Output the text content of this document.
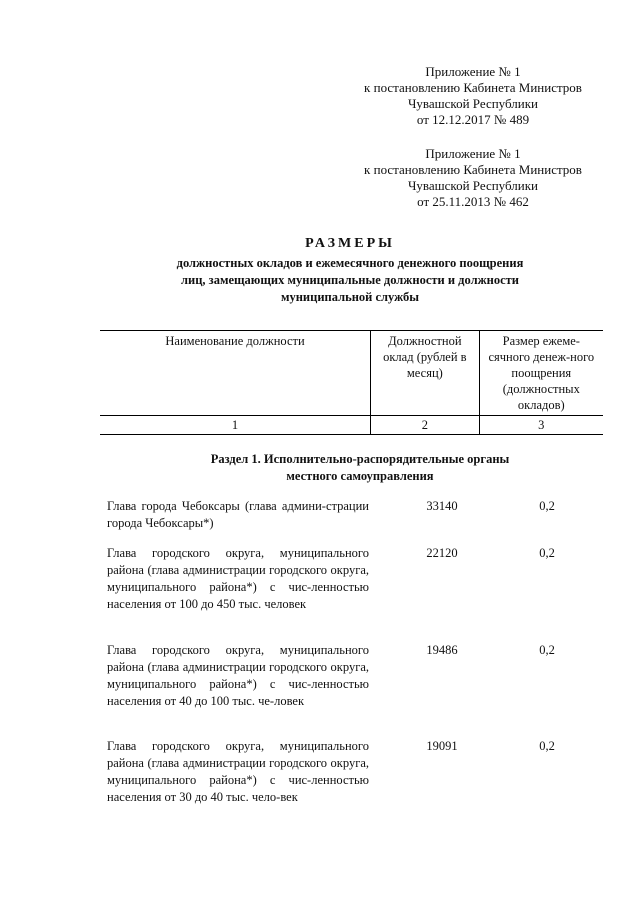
Приложение № 1
к постановлению Кабинета Министров
Чувашской Республики
от 12.12.2017 № 489
Приложение № 1
к постановлению Кабинета Министров
Чувашской Республики
от 25.11.2013 № 462
РАЗМЕРЫ
должностных окладов и ежемесячного денежного поощрения
лиц, замещающих муниципальные должности и должности
муниципальной службы
Наименование должности	Должностной оклад (рублей в месяц)	Размер ежеме-сячного денеж-ного поощрения (должностных окладов)
1	2	3
Раздел 1. Исполнительно-распорядительные органы
местного самоуправления
Глава города Чебоксары (глава админи-страции города Чебоксары*)
33140	0,2
Глава городского округа, муниципального района (глава администрации городского округа, муниципального района*) с чис-ленностью населения от 100 до 450 тыс. человек
22120	0,2
Глава городского округа, муниципального района (глава администрации городского округа, муниципального района*) с чис-ленностью населения от 40 до 100 тыс. че-ловек
19486	0,2
Глава городского округа, муниципального района (глава администрации городского округа, муниципального района*) с чис-ленностью населения от 30 до 40 тыс. чело-век
19091	0,2
